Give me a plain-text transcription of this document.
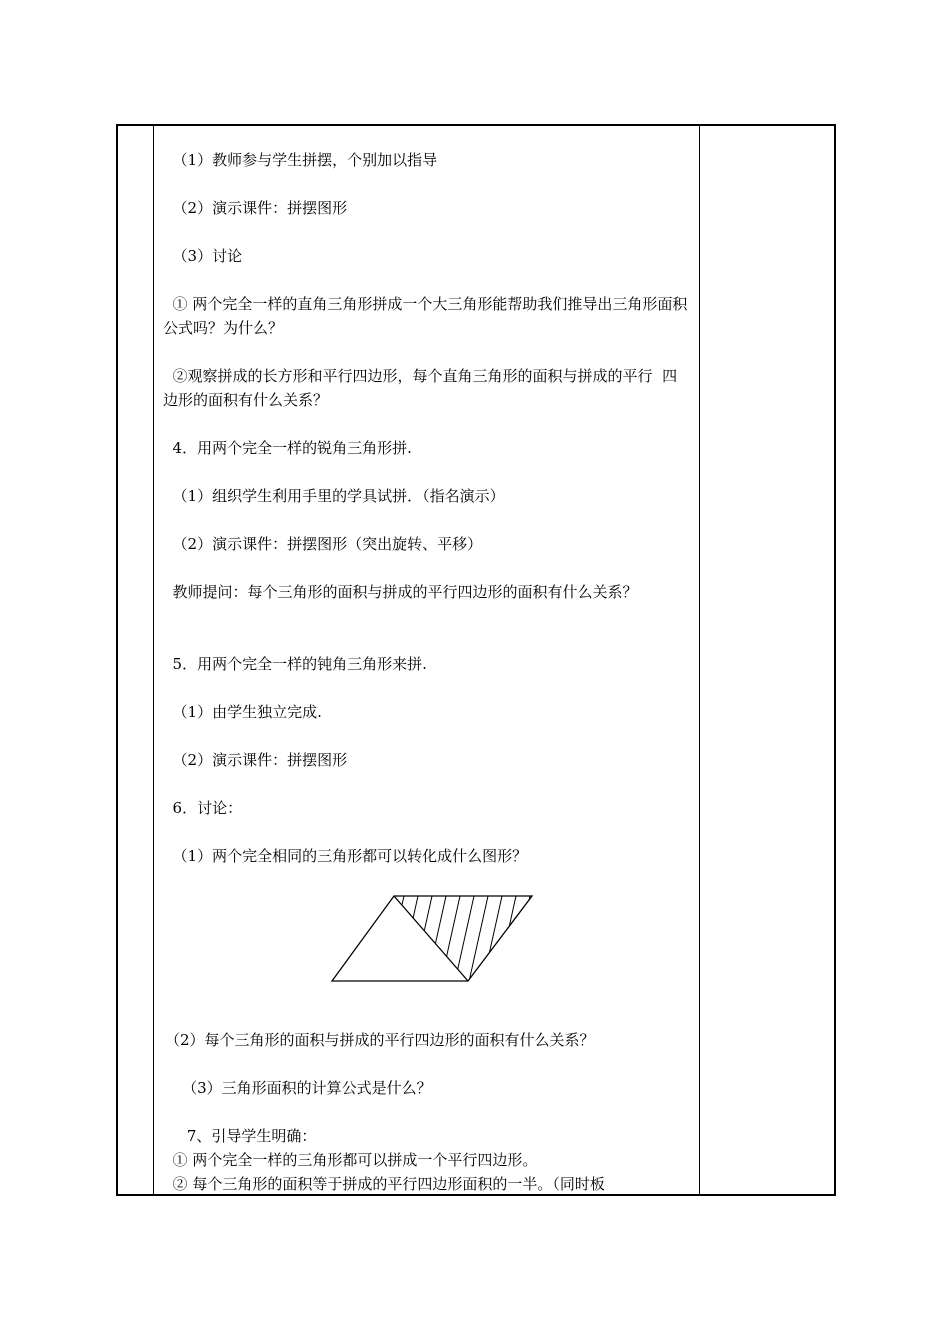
（1）教师参与学生拼摆，个别加以指导

（2）演示课件：拼摆图形

（3）讨论

① 两个完全一样的直角三角形拼成一个大三角形能帮助我们推导出三角形面积公式吗？为什么？

②观察拼成的长方形和平行四边形，每个直角三角形的面积与拼成的平行  四边形的面积有什么关系？

4．用两个完全一样的锐角三角形拼.

（1）组织学生利用手里的学具试拼．（指名演示）

（2）演示课件：拼摆图形（突出旋转、平移）

教师提问：每个三角形的面积与拼成的平行四边形的面积有什么关系？

5．用两个完全一样的钝角三角形来拼.

（1）由学生独立完成.

（2）演示课件：拼摆图形

6．讨论：

（1）两个完全相同的三角形都可以转化成什么图形？

（2）每个三角形的面积与拼成的平行四边形的面积有什么关系？

（3）三角形面积的计算公式是什么？

7、引导学生明确：

① 两个完全一样的三角形都可以拼成一个平行四边形。

② 每个三角形的面积等于拼成的平行四边形面积的一半。（同时板
